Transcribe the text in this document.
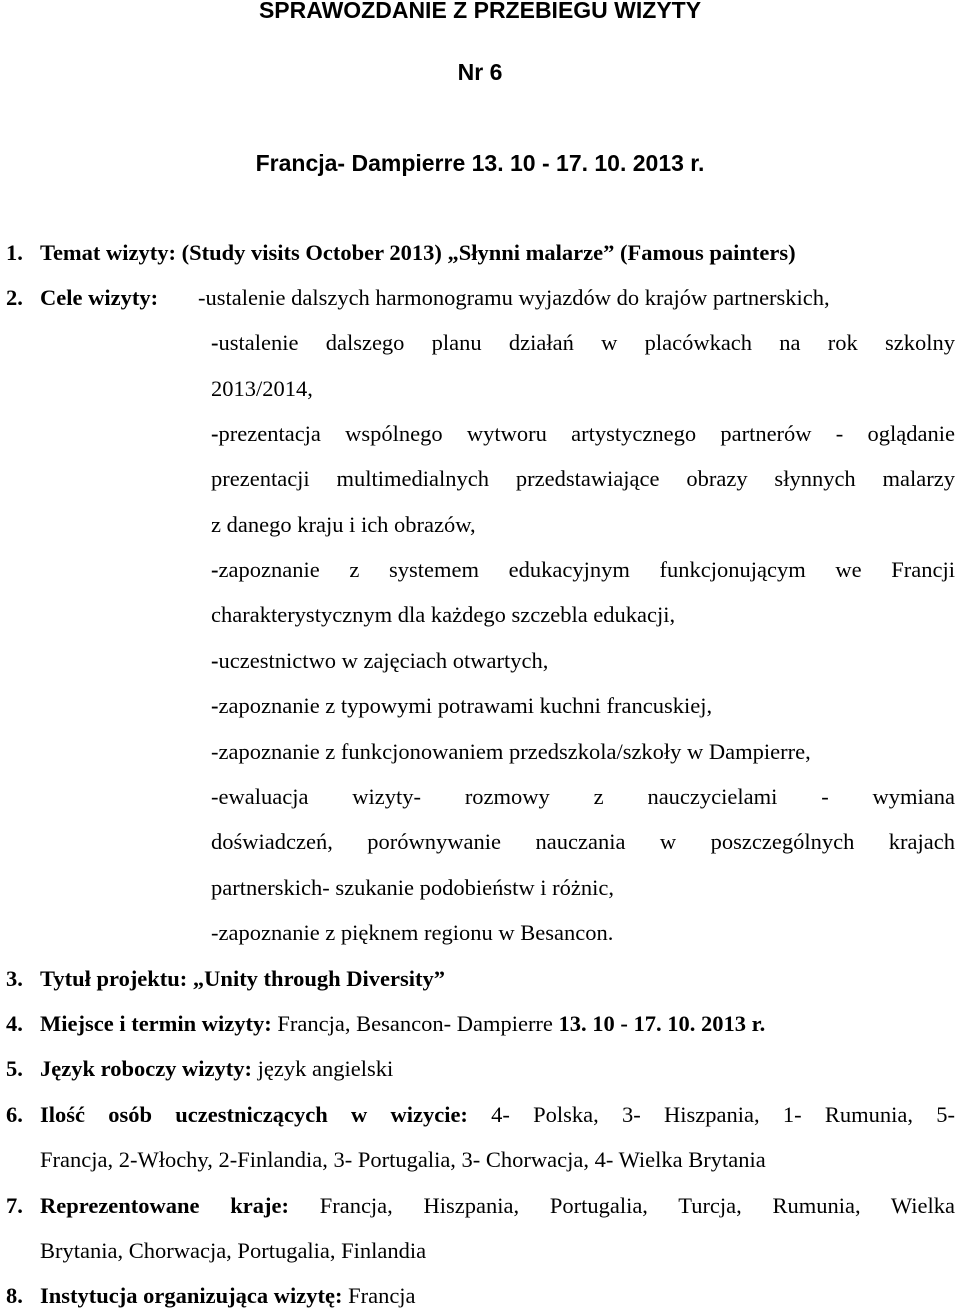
SPRAWOZDANIE Z PRZEBIEGU WIZYTY
Nr 6
Francja- Dampierre 13. 10 - 17. 10. 2013 r.
1. Temat wizyty: (Study visits October 2013) „Słynni malarze” (Famous painters)
2. Cele wizyty: -ustalenie dalszych harmonogramu wyjazdów do krajów partnerskich,
-ustalenie dalszego planu działań w placówkach na rok szkolny
2013/2014,
-prezentacja wspólnego wytworu artystycznego partnerów - oglądanie
prezentacji multimedialnych przedstawiające obrazy słynnych malarzy
z danego kraju i ich obrazów,
-zapoznanie z systemem edukacyjnym funkcjonującym we Francji
charakterystycznym dla każdego szczebla edukacji,
-uczestnictwo w zajęciach otwartych,
-zapoznanie z typowymi potrawami kuchni francuskiej,
-zapoznanie z funkcjonowaniem przedszkola/szkoły w Dampierre,
-ewaluacja wizyty- rozmowy z nauczycielami - wymiana
doświadczeń, porównywanie nauczania w poszczególnych krajach
partnerskich- szukanie podobieństw i różnic,
-zapoznanie z pięknem regionu w Besancon.
3. Tytuł projektu: „Unity through Diversity”
4. Miejsce i termin wizyty: Francja, Besancon- Dampierre 13. 10 - 17. 10. 2013 r.
5. Język roboczy wizyty: język angielski
6. Ilość osób uczestniczących w wizycie: 4- Polska, 3- Hiszpania, 1- Rumunia, 5-
Francja, 2-Włochy, 2-Finlandia, 3- Portugalia, 3- Chorwacja, 4- Wielka Brytania
7. Reprezentowane kraje: Francja, Hiszpania, Portugalia, Turcja, Rumunia, Wielka
Brytania, Chorwacja, Portugalia, Finlandia
8. Instytucja organizująca wizytę: Francja
